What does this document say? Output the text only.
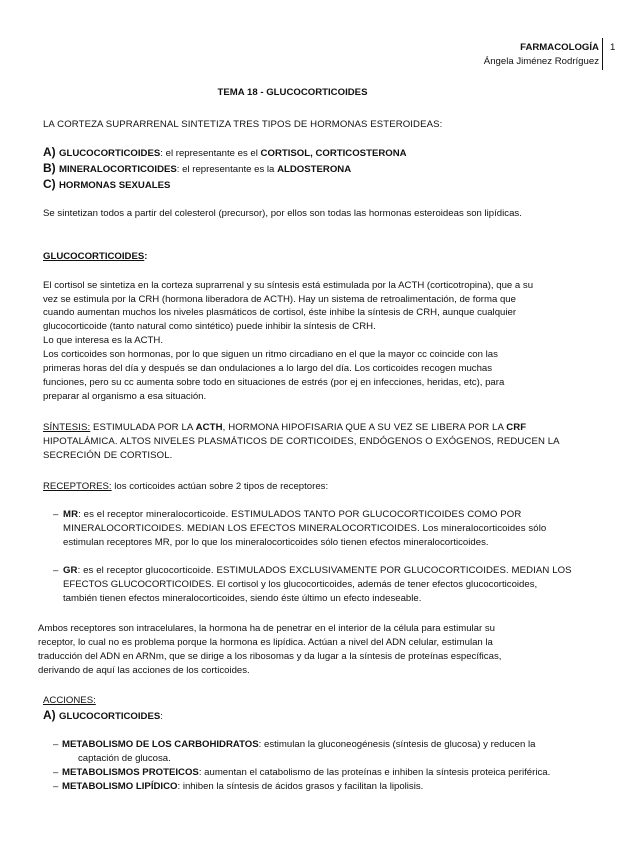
FARMACOLOGÍA
Ángela Jiménez Rodríguez
1
TEMA 18 - GLUCOCORTICOIDES
LA CORTEZA SUPRARRENAL SINTETIZA TRES TIPOS DE HORMONAS ESTEROIDEAS:
A) GLUCOCORTICOIDES: el representante es el CORTISOL, CORTICOSTERONA
B) MINERALOCORTICOIDES: el representante es la ALDOSTERONA
C) HORMONAS SEXUALES
Se sintetizan todos a partir del colesterol (precursor), por ellos son todas las hormonas esteroideas son lipídicas.
GLUCOCORTICOIDES:
El cortisol se sintetiza en la corteza suprarrenal y su síntesis está estimulada por la ACTH (corticotropina), que a su
vez se estimula por la CRH (hormona liberadora de ACTH). Hay un sistema de retroalimentación, de forma que
cuando aumentan muchos los niveles plasmáticos de cortisol, éste inhibe la síntesis de CRH, aunque cualquier
glucocorticoide (tanto natural como sintético) puede inhibir la síntesis de CRH.
Lo que interesa es la ACTH.
Los corticoides son hormonas, por lo que siguen un ritmo circadiano en el que la mayor cc coincide con las
primeras horas del día y después se dan ondulaciones a lo largo del día. Los corticoides recogen muchas
funciones, pero su cc aumenta sobre todo en situaciones de estrés (por ej en infecciones, heridas, etc), para
preparar al organismo a esa situación.
SÍNTESIS: ESTIMULADA POR LA ACTH, HORMONA HIPOFISARIA QUE A SU VEZ SE LIBERA POR LA CRF
HIPOTALÁMICA. ALTOS NIVELES PLASMÁTICOS DE CORTICOIDES, ENDÓGENOS O EXÓGENOS, REDUCEN LA
SECRECIÓN DE CORTISOL.
RECEPTORES: los corticoides actúan sobre 2 tipos de receptores:
– MR: es el receptor mineralocorticoide. ESTIMULADOS TANTO POR GLUCOCORTICOIDES COMO POR
MINERALOCORTICOIDES. MEDIAN LOS EFECTOS MINERALOCORTICOIDES. Los mineralocorticoides sólo
estimulan receptores MR, por lo que los mineralocorticoides sólo tienen efectos mineralocorticoides.
– GR: es el receptor glucocorticoide. ESTIMULADOS EXCLUSIVAMENTE POR GLUCOCORTICOIDES. MEDIAN LOS
EFECTOS GLUCOCORTICOIDES. El cortisol y los glucocorticoides, además de tener efectos glucocorticoides,
también tienen efectos mineralocorticoides, siendo éste último un efecto indeseable.
Ambos receptores son intracelulares, la hormona ha de penetrar en el interior de la célula para estimular su
receptor, lo cual no es problema porque la hormona es lipídica. Actúan a nivel del ADN celular, estimulan la
traducción del ADN en ARNm, que se dirige a los ribosomas y da lugar a la síntesis de proteínas específicas,
derivando de aquí las acciones de los corticoides.
ACCIONES:
A) GLUCOCORTICOIDES:
– METABOLISMO DE LOS CARBOHIDRATOS: estimulan la gluconeogénesis (síntesis de glucosa) y reducen la
captación de glucosa.
– METABOLISMOS PROTEICOS: aumentan el catabolismo de las proteínas e inhiben la síntesis proteica periférica.
– METABOLISMO LIPÍDICO: inhiben la síntesis de ácidos grasos y facilitan la lipolisis.
